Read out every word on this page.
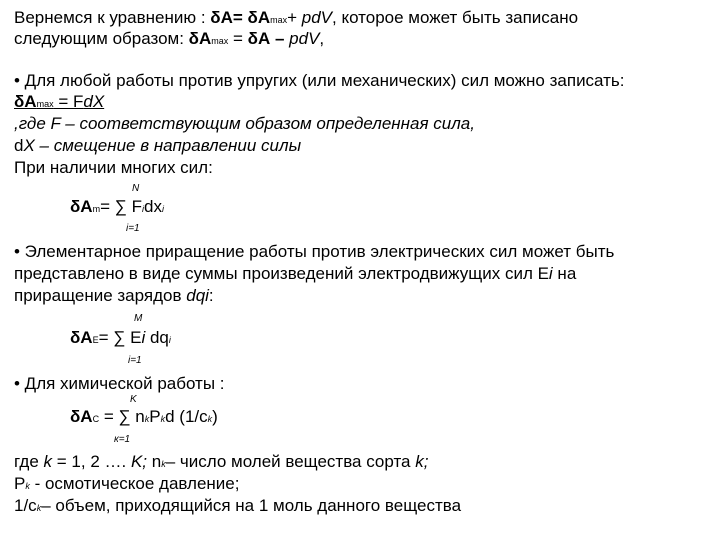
Вернемся к уравнению : δА= δАmax+ pdV, которое может быть записано
следующим образом: δАmax = δА – pdV,
• Для любой работы против упругих (или механических) сил можно записать:
δАmax = FdX
,где F – соответствующим образом определенная сила,
dX – смещение в направлении силы
При наличии многих сил:
N
δАm= ∑ Fidxi
i=1
• Элементарное приращение работы против электрических сил может быть
представлено в виде суммы произведений электродвижущих сил Ei на
приращение зарядов dqi:
M
δАE= ∑ Ei dqi
i=1
• Для химической работы :
K
δАC = ∑ nkPkd (1/ck)
к=1
где k = 1, 2 …. K; nk– число молей вещества сорта k;
Pk - осмотическое давление;
1/ck– объем, приходящийся на 1 моль данного вещества
